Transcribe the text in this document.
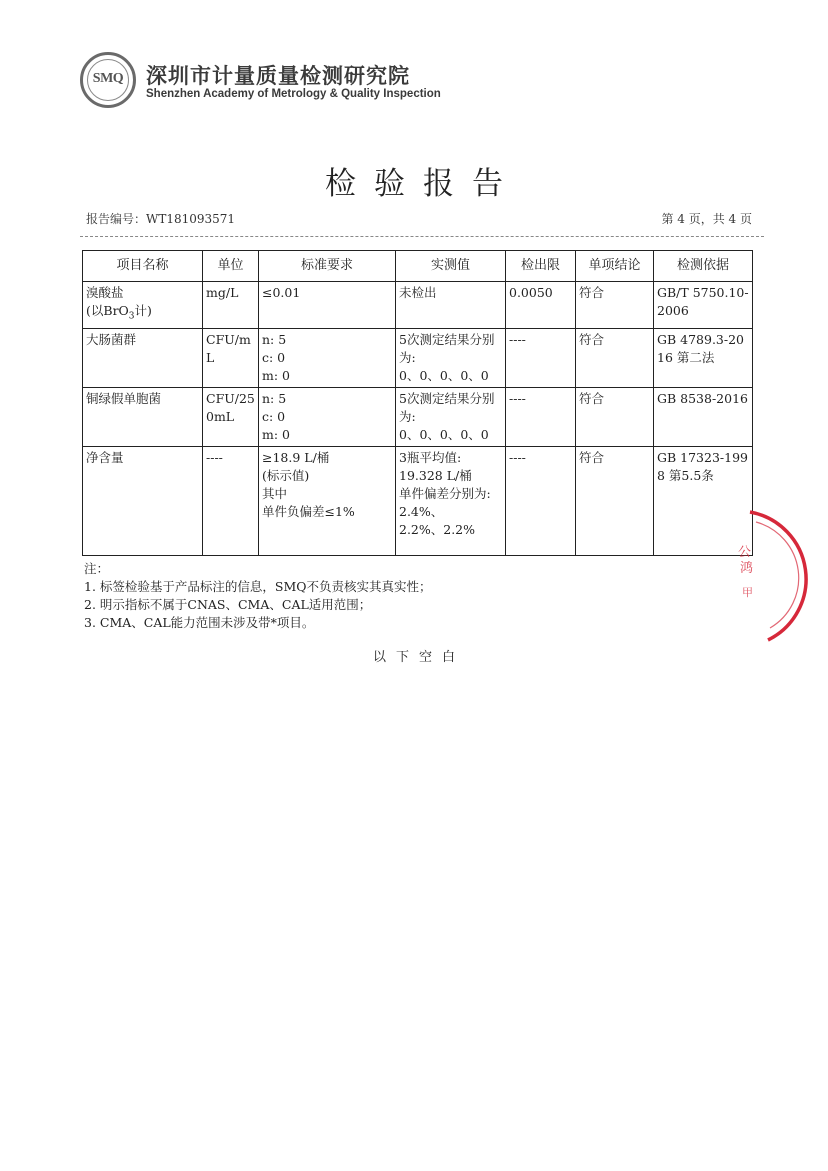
SMQ	深圳市计量质量检测研究院
Shenzhen Academy of Metrology & Quality Inspection
检验报告
报告编号：WT181093571	第 4 页，共 4 页
项目名称	单位	标准要求	实测值	检出限	单项结论	检测依据

溴酸盐
(以BrO$_3$计)	mg/L	≤0.01	未检出	0.0050	符合	GB/T 5750.10-2006

大肠菌群	CFU/mL	n: 5
c: 0
m: 0	5次测定结果分别为:
0、0、0、0、0	----	符合	GB 4789.3-2016 第二法

铜绿假单胞菌	CFU/250mL	n: 5
c: 0
m: 0	5次测定结果分别为:
0、0、0、0、0	----	符合	GB 8538-2016

净含量	----	≥18.9 L/桶
(标示值)
其中
单件负偏差≤1%	3瓶平均值:
19.328 L/桶
单件偏差分别为:
2.4%、
2.2%、2.2%	----	符合	GB 17323-1998 第5.5条
注：
1. 标签检验基于产品标注的信息，SMQ不负责核实其真实性；
2. 明示指标不属于CNAS、CMA、CAL适用范围；
3. CMA、CAL能力范围未涉及带*项目。
以下空白
公
鸿
甲
